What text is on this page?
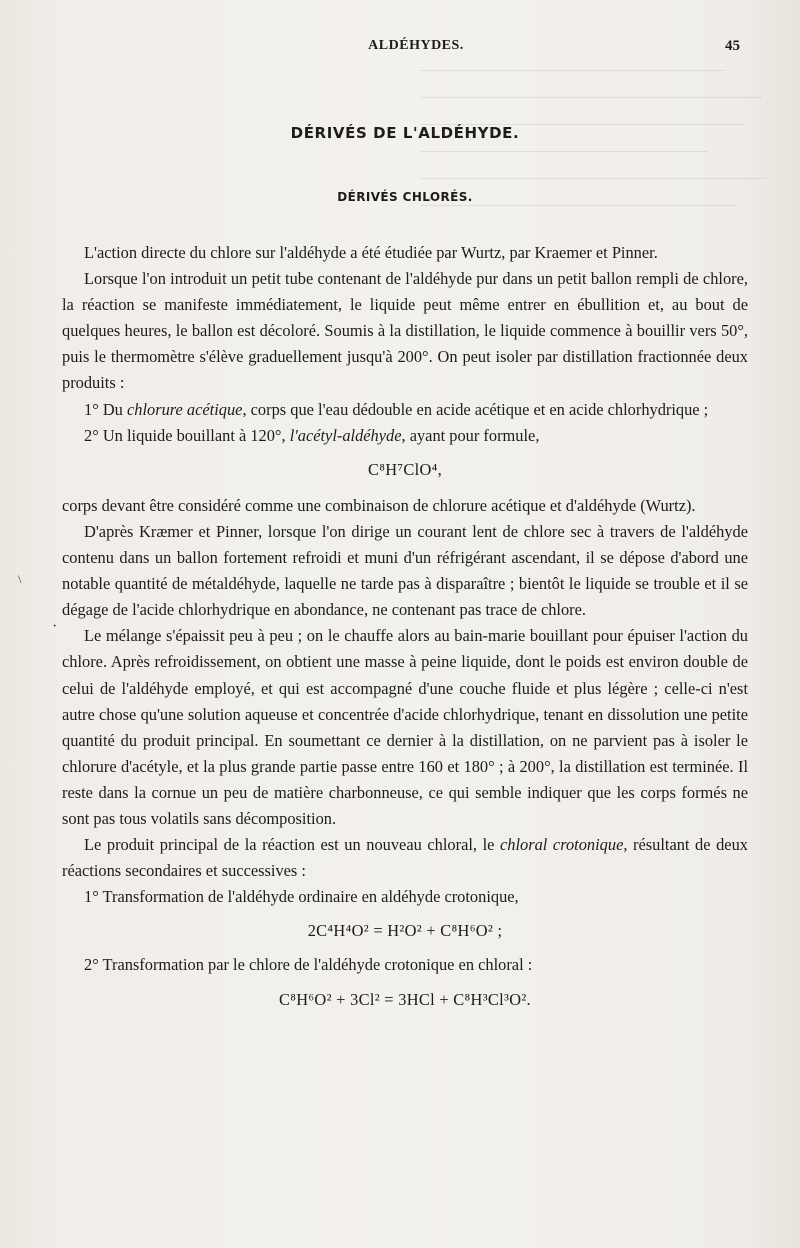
ALDÉHYDES.	45
DÉRIVÉS DE L'ALDÉHYDE.
DÉRIVÉS CHLORÉS.

L'action directe du chlore sur l'aldéhyde a été étudiée par Wurtz, par Kraemer et Pinner.

Lorsque l'on introduit un petit tube contenant de l'aldéhyde pur dans un petit ballon rempli de chlore, la réaction se manifeste immédiatement, le liquide peut même entrer en ébullition et, au bout de quelques heures, le ballon est décoloré. Soumis à la distillation, le liquide commence à bouillir vers 50°, puis le thermomètre s'élève graduellement jusqu'à 200°. On peut isoler par distillation fractionnée deux produits :

1° Du chlorure acétique, corps que l'eau dédouble en acide acétique et en acide chlorhydrique ;

2° Un liquide bouillant à 120°, l'acétyl-aldéhyde, ayant pour formule,

C⁸H⁷ClO⁴,

corps devant être considéré comme une combinaison de chlorure acétique et d'aldéhyde (Wurtz).

D'après Kræmer et Pinner, lorsque l'on dirige un courant lent de chlore sec à travers de l'aldéhyde contenu dans un ballon fortement refroidi et muni d'un réfrigérant ascendant, il se dépose d'abord une notable quantité de métaldéhyde, laquelle ne tarde pas à disparaître ; bientôt le liquide se trouble et il se dégage de l'acide chlorhydrique en abondance, ne contenant pas trace de chlore.

Le mélange s'épaissit peu à peu ; on le chauffe alors au bain-marie bouillant pour épuiser l'action du chlore. Après refroidissement, on obtient une masse à peine liquide, dont le poids est environ double de celui de l'aldéhyde employé, et qui est accompagné d'une couche fluide et plus légère ; celle-ci n'est autre chose qu'une solution aqueuse et concentrée d'acide chlorhydrique, tenant en dissolution une petite quantité du produit principal. En soumettant ce dernier à la distillation, on ne parvient pas à isoler le chlorure d'acétyle, et la plus grande partie passe entre 160 et 180° ; à 200°, la distillation est terminée. Il reste dans la cornue un peu de matière charbonneuse, ce qui semble indiquer que les corps formés ne sont pas tous volatils sans décomposition.

Le produit principal de la réaction est un nouveau chloral, le chloral crotonique, résultant de deux réactions secondaires et successives :

1° Transformation de l'aldéhyde ordinaire en aldéhyde crotonique,

2C⁴H⁴O² = H²O² + C⁸H⁶O² ;

2° Transformation par le chlore de l'aldéhyde crotonique en chloral :

C⁸H⁶O² + 3Cl² = 3HCl + C⁸H³Cl³O².

\
·
